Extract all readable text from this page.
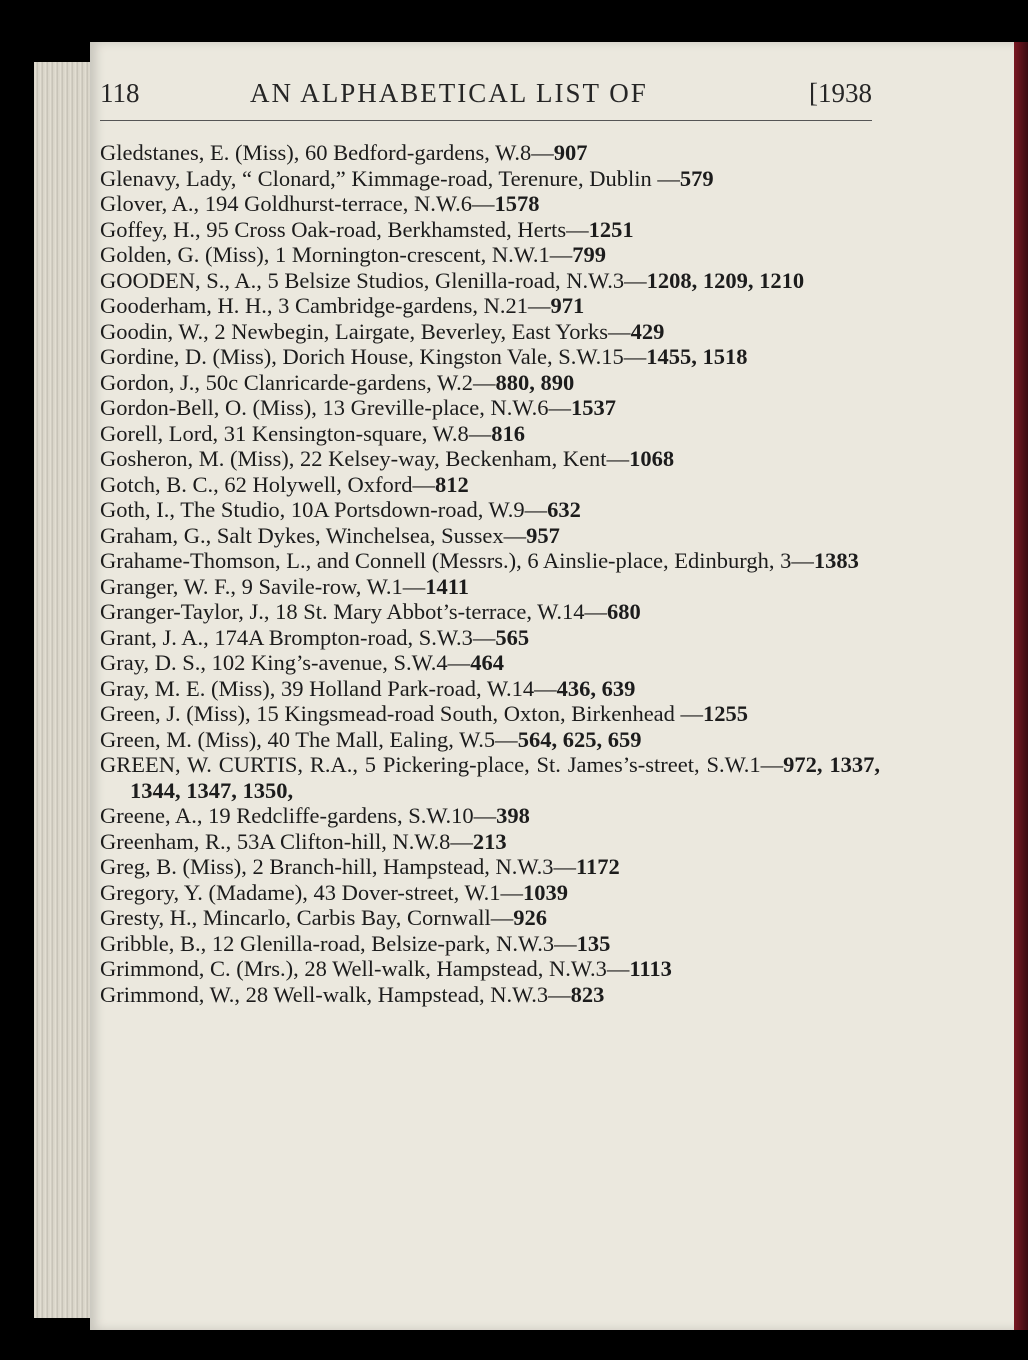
118	AN ALPHABETICAL LIST OF	[1938
Gledstanes, E. (Miss), 60 Bedford-gardens, W.8—907
Glenavy, Lady, “ Clonard,” Kimmage-road, Terenure, Dublin —579
Glover, A., 194 Goldhurst-terrace, N.W.6—1578
Goffey, H., 95 Cross Oak-road, Berkhamsted, Herts—1251
Golden, G. (Miss), 1 Mornington-crescent, N.W.1—799
GOODEN, S., A., 5 Belsize Studios, Glenilla-road, N.W.3—1208, 1209, 1210
Gooderham, H. H., 3 Cambridge-gardens, N.21—971
Goodin, W., 2 Newbegin, Lairgate, Beverley, East Yorks—429
Gordine, D. (Miss), Dorich House, Kingston Vale, S.W.15—1455, 1518
Gordon, J., 50c Clanricarde-gardens, W.2—880, 890
Gordon-Bell, O. (Miss), 13 Greville-place, N.W.6—1537
Gorell, Lord, 31 Kensington-square, W.8—816
Gosheron, M. (Miss), 22 Kelsey-way, Beckenham, Kent—1068
Gotch, B. C., 62 Holywell, Oxford—812
Goth, I., The Studio, 10A Portsdown-road, W.9—632
Graham, G., Salt Dykes, Winchelsea, Sussex—957
Grahame-Thomson, L., and Connell (Messrs.), 6 Ainslie-place, Edinburgh, 3—1383
Granger, W. F., 9 Savile-row, W.1—1411
Granger-Taylor, J., 18 St. Mary Abbot’s-terrace, W.14—680
Grant, J. A., 174A Brompton-road, S.W.3—565
Gray, D. S., 102 King’s-avenue, S.W.4—464
Gray, M. E. (Miss), 39 Holland Park-road, W.14—436, 639
Green, J. (Miss), 15 Kingsmead-road South, Oxton, Birkenhead —1255
Green, M. (Miss), 40 The Mall, Ealing, W.5—564, 625, 659
GREEN, W. CURTIS, R.A., 5 Pickering-place, St. James’s-street, S.W.1—972, 1337, 1344, 1347, 1350,
Greene, A., 19 Redcliffe-gardens, S.W.10—398
Greenham, R., 53A Clifton-hill, N.W.8—213
Greg, B. (Miss), 2 Branch-hill, Hampstead, N.W.3—1172
Gregory, Y. (Madame), 43 Dover-street, W.1—1039
Gresty, H., Mincarlo, Carbis Bay, Cornwall—926
Gribble, B., 12 Glenilla-road, Belsize-park, N.W.3—135
Grimmond, C. (Mrs.), 28 Well-walk, Hampstead, N.W.3—1113
Grimmond, W., 28 Well-walk, Hampstead, N.W.3—823
